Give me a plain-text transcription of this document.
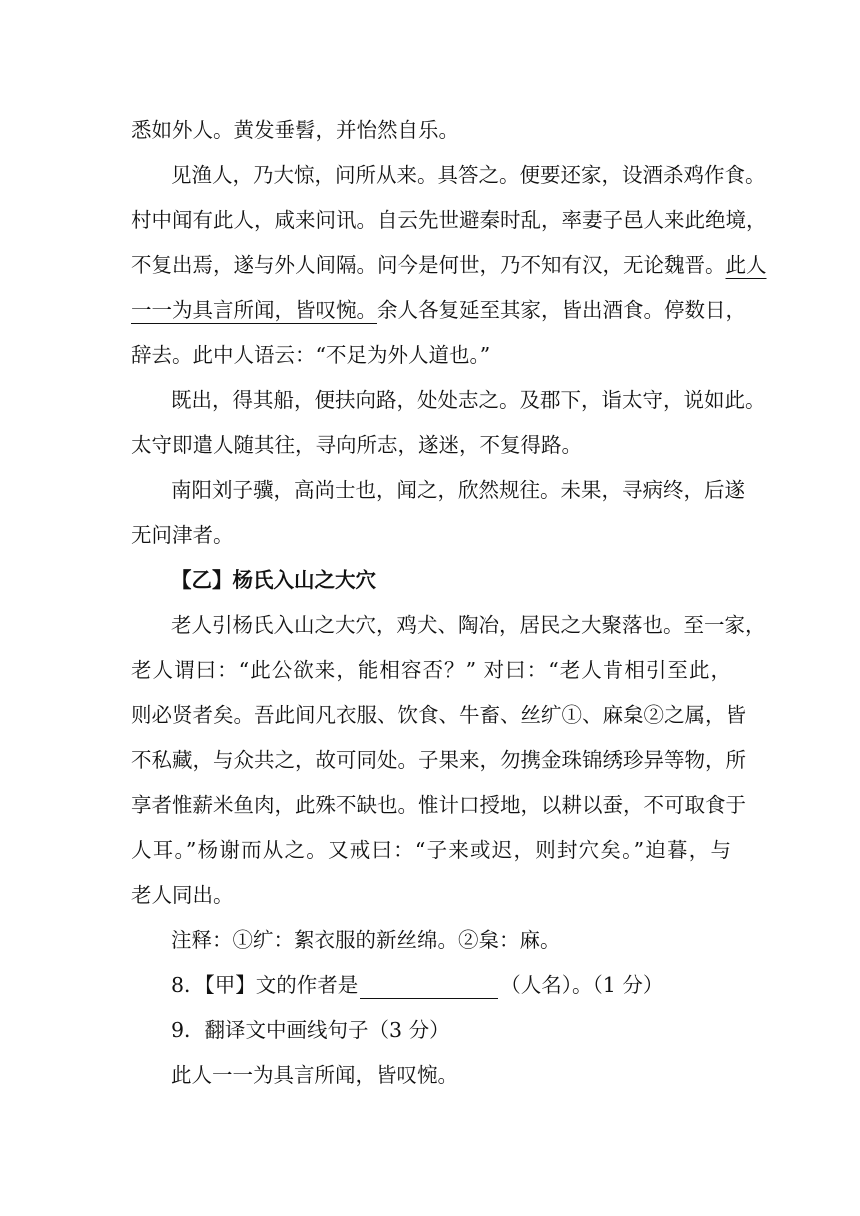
悉如外人。黄发垂髫，并怡然自乐。
见渔人，乃大惊，问所从来。具答之。便要还家，设酒杀鸡作食。
村中闻有此人，咸来问讯。自云先世避秦时乱，率妻子邑人来此绝境，
不复出焉，遂与外人间隔。问今是何世，乃不知有汉，无论魏晋。此人
一一为具言所闻，皆叹惋。余人各复延至其家，皆出酒食。停数日，
辞去。此中人语云：“不足为外人道也。”
既出，得其船，便扶向路，处处志之。及郡下，诣太守，说如此。
太守即遣人随其往，寻向所志，遂迷，不复得路。
南阳刘子骥，高尚士也，闻之，欣然规往。未果，寻病终，后遂
无问津者。
【乙】杨氏入山之大穴
老人引杨氏入山之大穴，鸡犬、陶冶，居民之大聚落也。至一家，
老人谓曰：“此公欲来，能相容否？” 对曰：“老人肯相引至此，
则必贤者矣。吾此间凡衣服、饮食、牛畜、丝纩①、麻枲②之属，皆
不私藏，与众共之，故可同处。子果来，勿携金珠锦绣珍异等物，所
享者惟薪米鱼肉，此殊不缺也。惟计口授地，以耕以蚕，不可取食于
人耳。”杨谢而从之。又戒曰：“子来或迟，则封穴矣。”迫暮，与
老人同出。
注释：①纩：絮衣服的新丝绵。②枲：麻。
8．【甲】文的作者是	（人名）。（1 分）
9．翻译文中画线句子（3 分）
此人一一为具言所闻，皆叹惋。
